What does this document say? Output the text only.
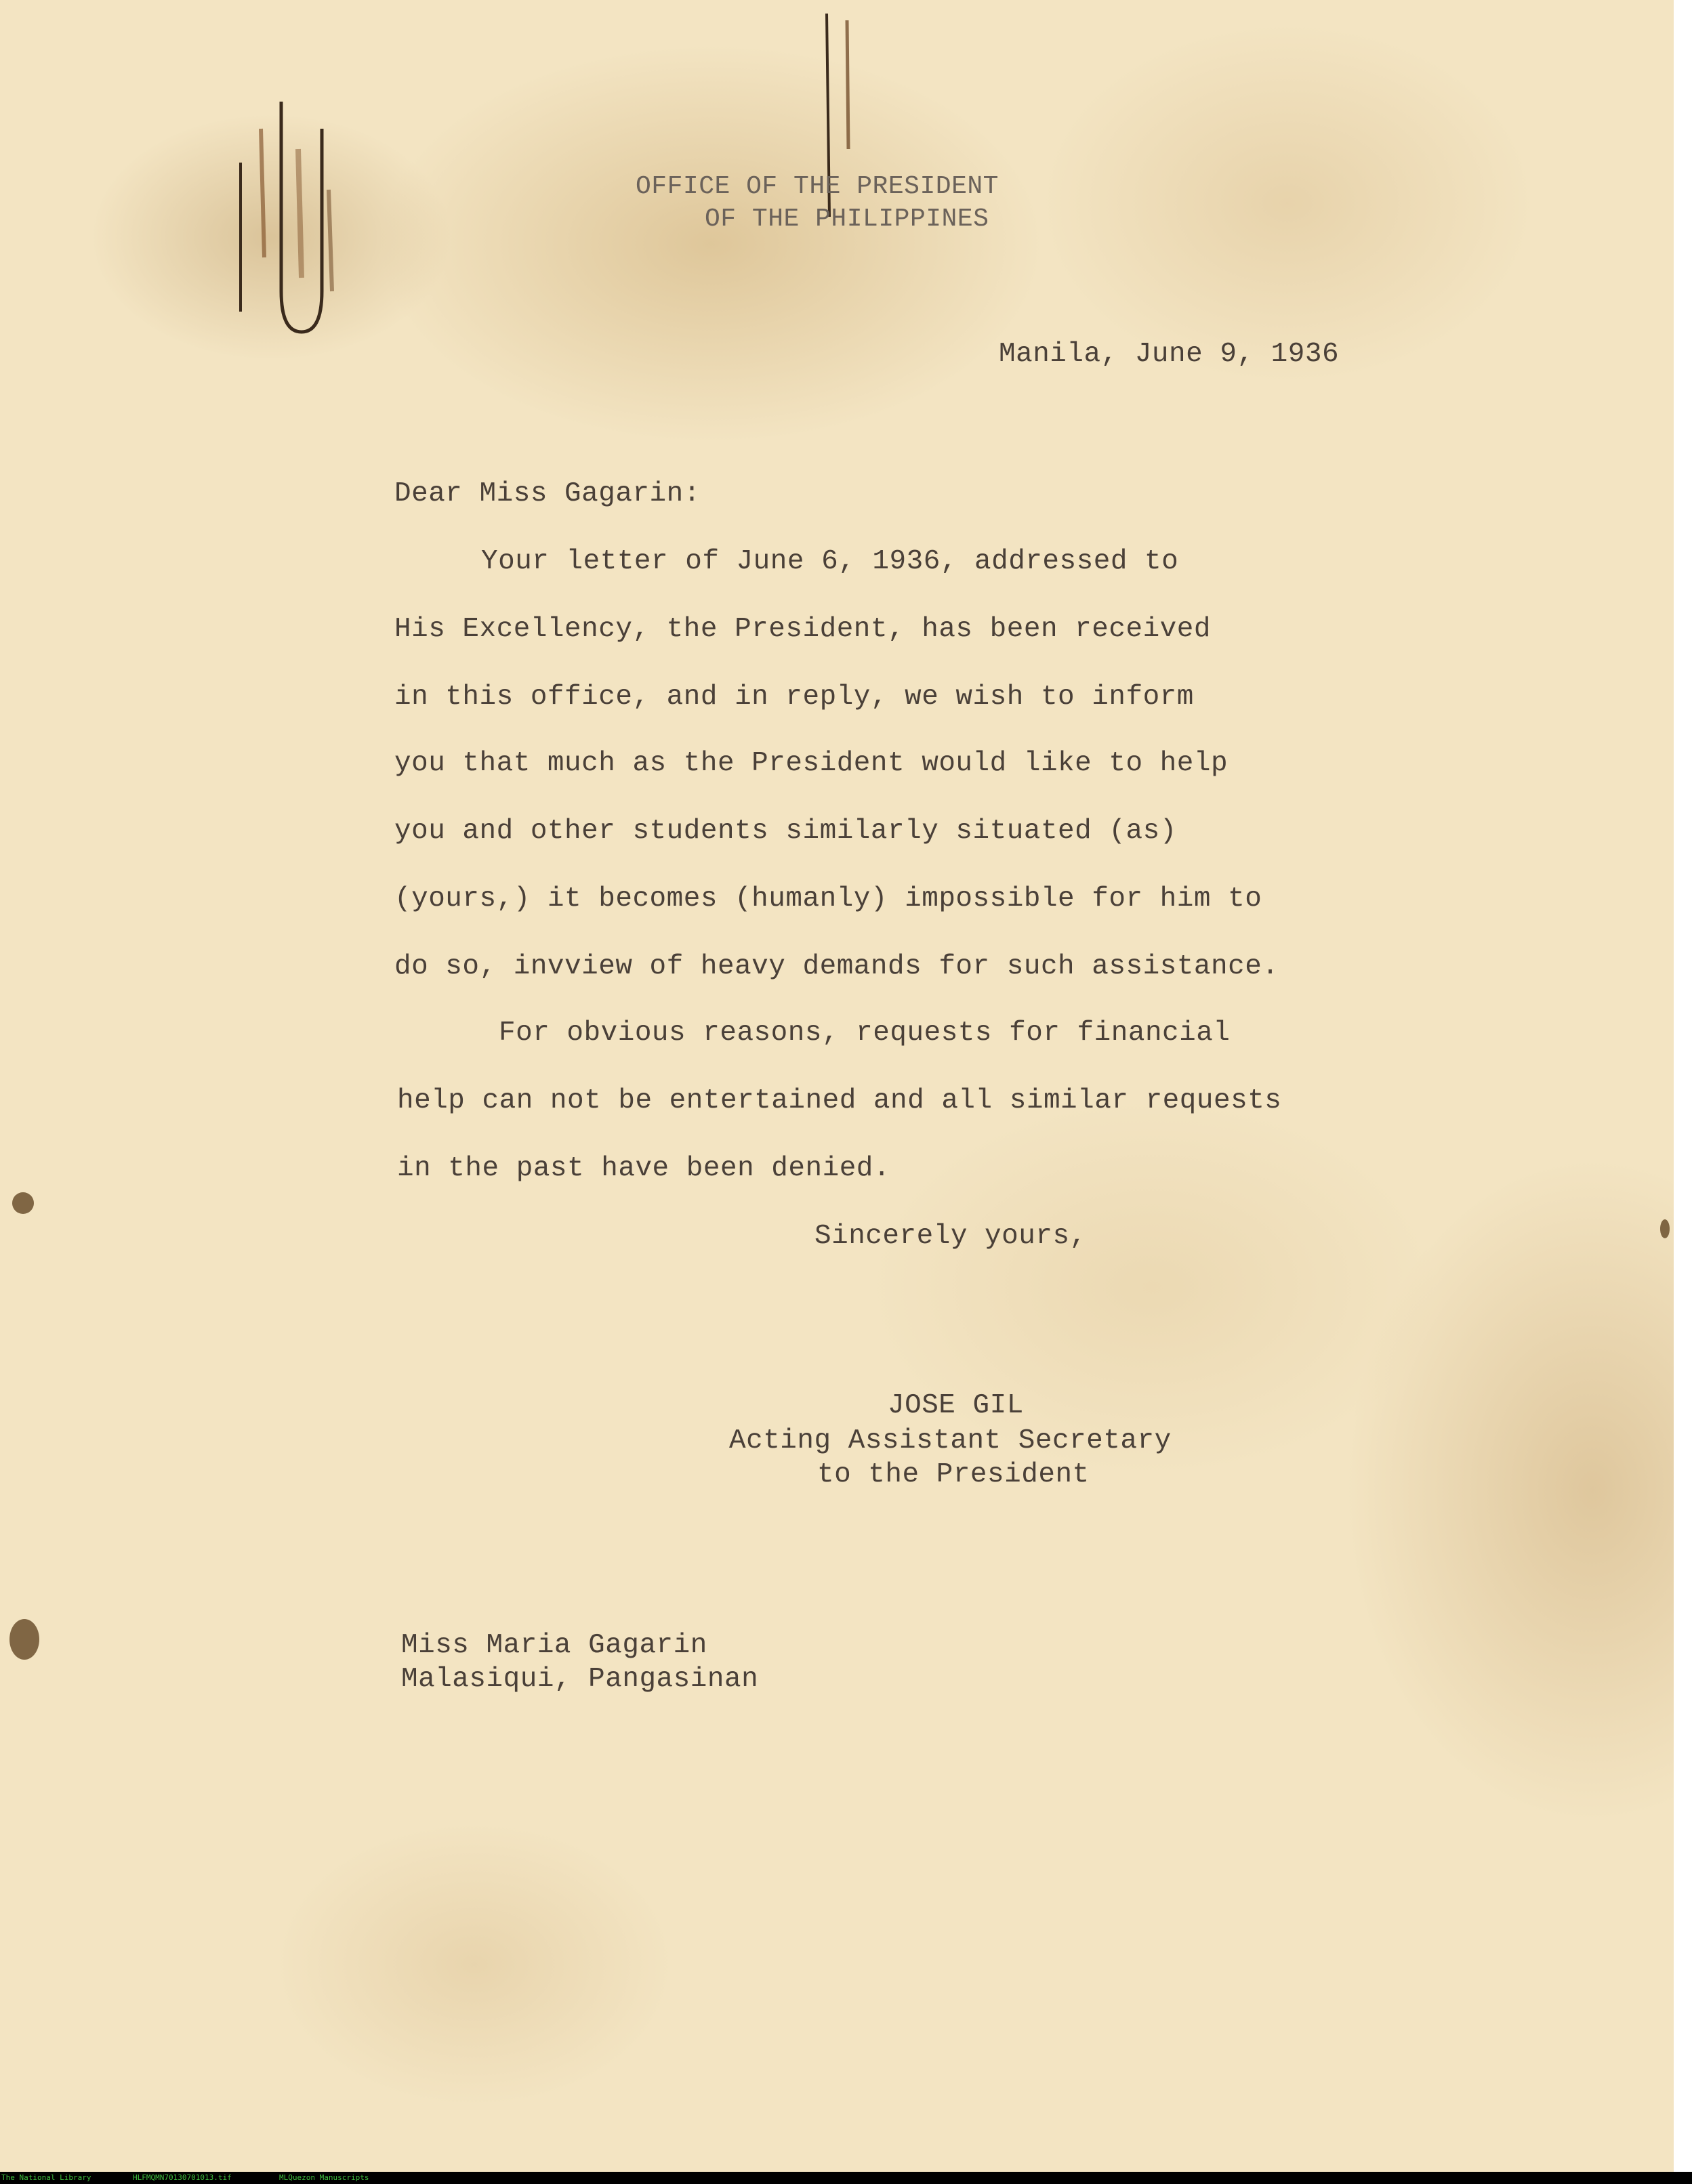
OFFICE OF THE PRESIDENT

OF THE PHILIPPINES

Manila, June 9, 1936

Dear Miss Gagarin:

Your letter of June 6, 1936, addressed to

His Excellency, the President, has been received

in this office, and in reply, we wish to inform

you that much as the President would like to help

you and other students similarly situated (as)

(yours,) it becomes (humanly) impossible for him to

do so, invview of heavy demands for such assistance.

For obvious reasons, requests for financial

help can not be entertained and all similar requests

in the past have been denied.

Sincerely yours,

JOSE GIL

Acting Assistant Secretary

to the President

Miss Maria Gagarin

Malasiqui, Pangasinan

The National Library	HLFMQMN70130701013.tif	MLQuezon Manuscripts
